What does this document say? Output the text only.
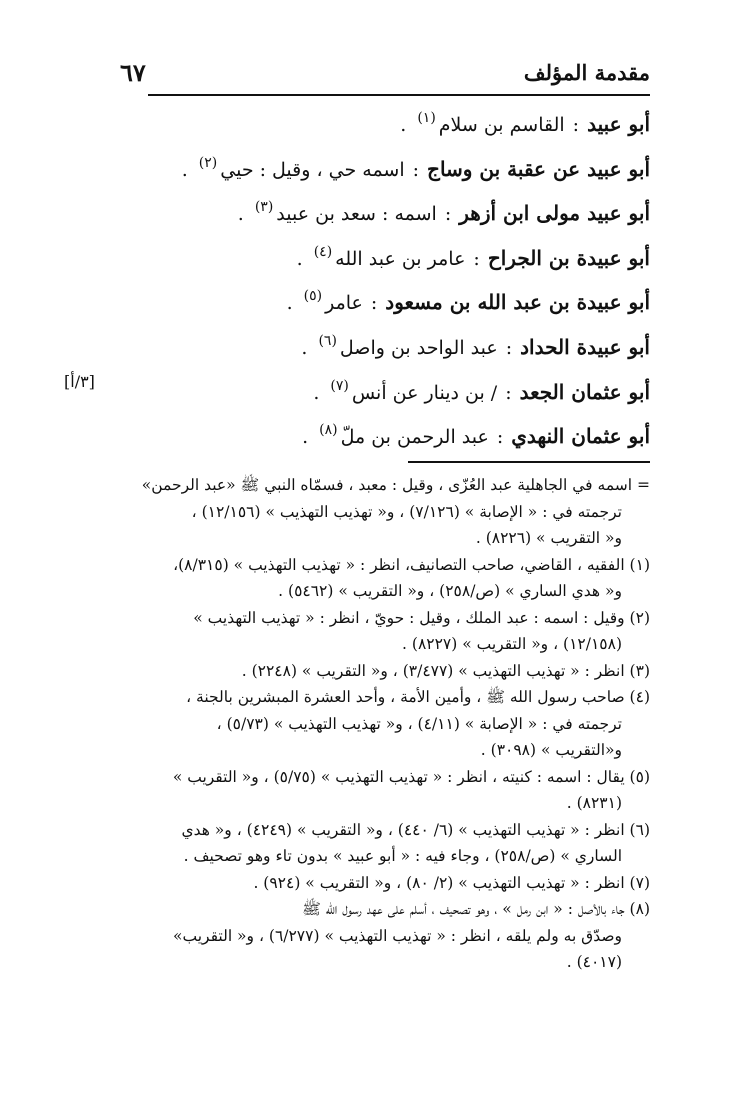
مقدمة المؤلف
٦٧
أبو عبيد:القاسم بن سلام$^{(١)}$.
أبو عبيد عن عقبة بن وساج:اسمه حي ، وقيل : حيي$^{(٢)}$.
أبو عبيد مولى ابن أزهر:اسمه : سعد بن عبيد$^{(٣)}$.
أبو عبيدة بن الجراح:عامر بن عبد الله$^{(٤)}$.
أبو عبيدة بن عبد الله بن مسعود:عامر$^{(٥)}$.
أبو عبيدة الحداد:عبد الواحد بن واصل$^{(٦)}$.
أبو عثمان الجعد:/ بن دينار عن أنس$^{(٧)}$.
أبو عثمان النهدي:عبد الرحمن بن ملّ$^{(٨)}$.
[٣/أ]
= اسمه في الجاهلية عبد العُزّى ، وقيل : معبد ، فسمّاه النبي ﷺ «عبد الرحمن»
ترجمته في : « الإصابة » (٧/١٢٦) ، و« تهذيب التهذيب » (١٢/١٥٦) ،
و« التقريب » (٨٢٢٦) .
(١) الفقيه ، القاضي، صاحب التصانيف، انظر : « تهذيب التهذيب » (٨/٣١٥)،
و« هدي الساري » (ص/٢٥٨) ، و« التقريب » (٥٤٦٢) .
(٢) وقيل : اسمه : عبد الملك ، وقيل : حويّ ، انظر : « تهذيب التهذيب »
(١٢/١٥٨) ، و« التقريب » (٨٢٢٧) .
(٣) انظر : « تهذيب التهذيب » (٣/٤٧٧) ، و« التقريب » (٢٢٤٨) .
(٤) صاحب رسول الله ﷺ ، وأمين الأمة ، وأحد العشرة المبشرين بالجنة ،
ترجمته في : « الإصابة » (٤/١١) ، و« تهذيب التهذيب » (٥/٧٣) ،
و«التقريب » (٣٠٩٨) .
(٥) يقال : اسمه : كنيته ، انظر : « تهذيب التهذيب » (٥/٧٥) ، و« التقريب »
(٨٢٣١) .
(٦) انظر : « تهذيب التهذيب » (٦/ ٤٤٠) ، و« التقريب » (٤٢٤٩) ، و« هدي
الساري » (ص/٢٥٨) ، وجاء فيه : « أبو عبيد » بدون تاء وهو تصحيف .
(٧) انظر : « تهذيب التهذيب » (٢/ ٨٠) ، و« التقريب » (٩٢٤) .
(٨) جاء بالأصل : « ابن رمل » ، وهو تصحيف ، أسلم على عهد رسول الله ﷺ
وصدّق به ولم يلقه ، انظر : « تهذيب التهذيب » (٦/٢٧٧) ، و« التقريب»
(٤٠١٧) .
